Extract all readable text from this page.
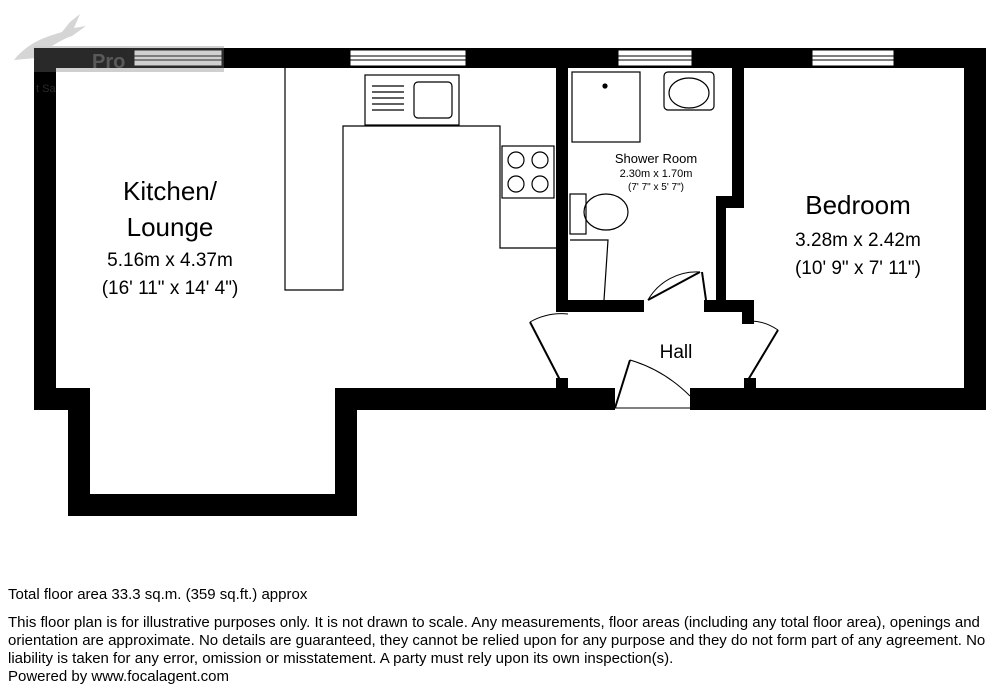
Pro
t Sa
Kitchen/
Lounge
5.16m x 4.37m
(16' 11" x 14' 4")
Bedroom
3.28m x 2.42m
(10' 9" x 7' 11")
Shower Room
2.30m x 1.70m
(7' 7" x 5' 7")
Hall

Total floor area 33.3 sq.m. (359 sq.ft.) approx

This floor plan is for illustrative purposes only. It is not drawn to scale. Any measurements, floor areas (including any total floor area), openings and orientation are approximate. No details are guaranteed, they cannot be relied upon for any purpose and they do not form part of any agreement. No liability is taken for any error, omission or misstatement. A party must rely upon its own inspection(s).

Powered by www.focalagent.com
